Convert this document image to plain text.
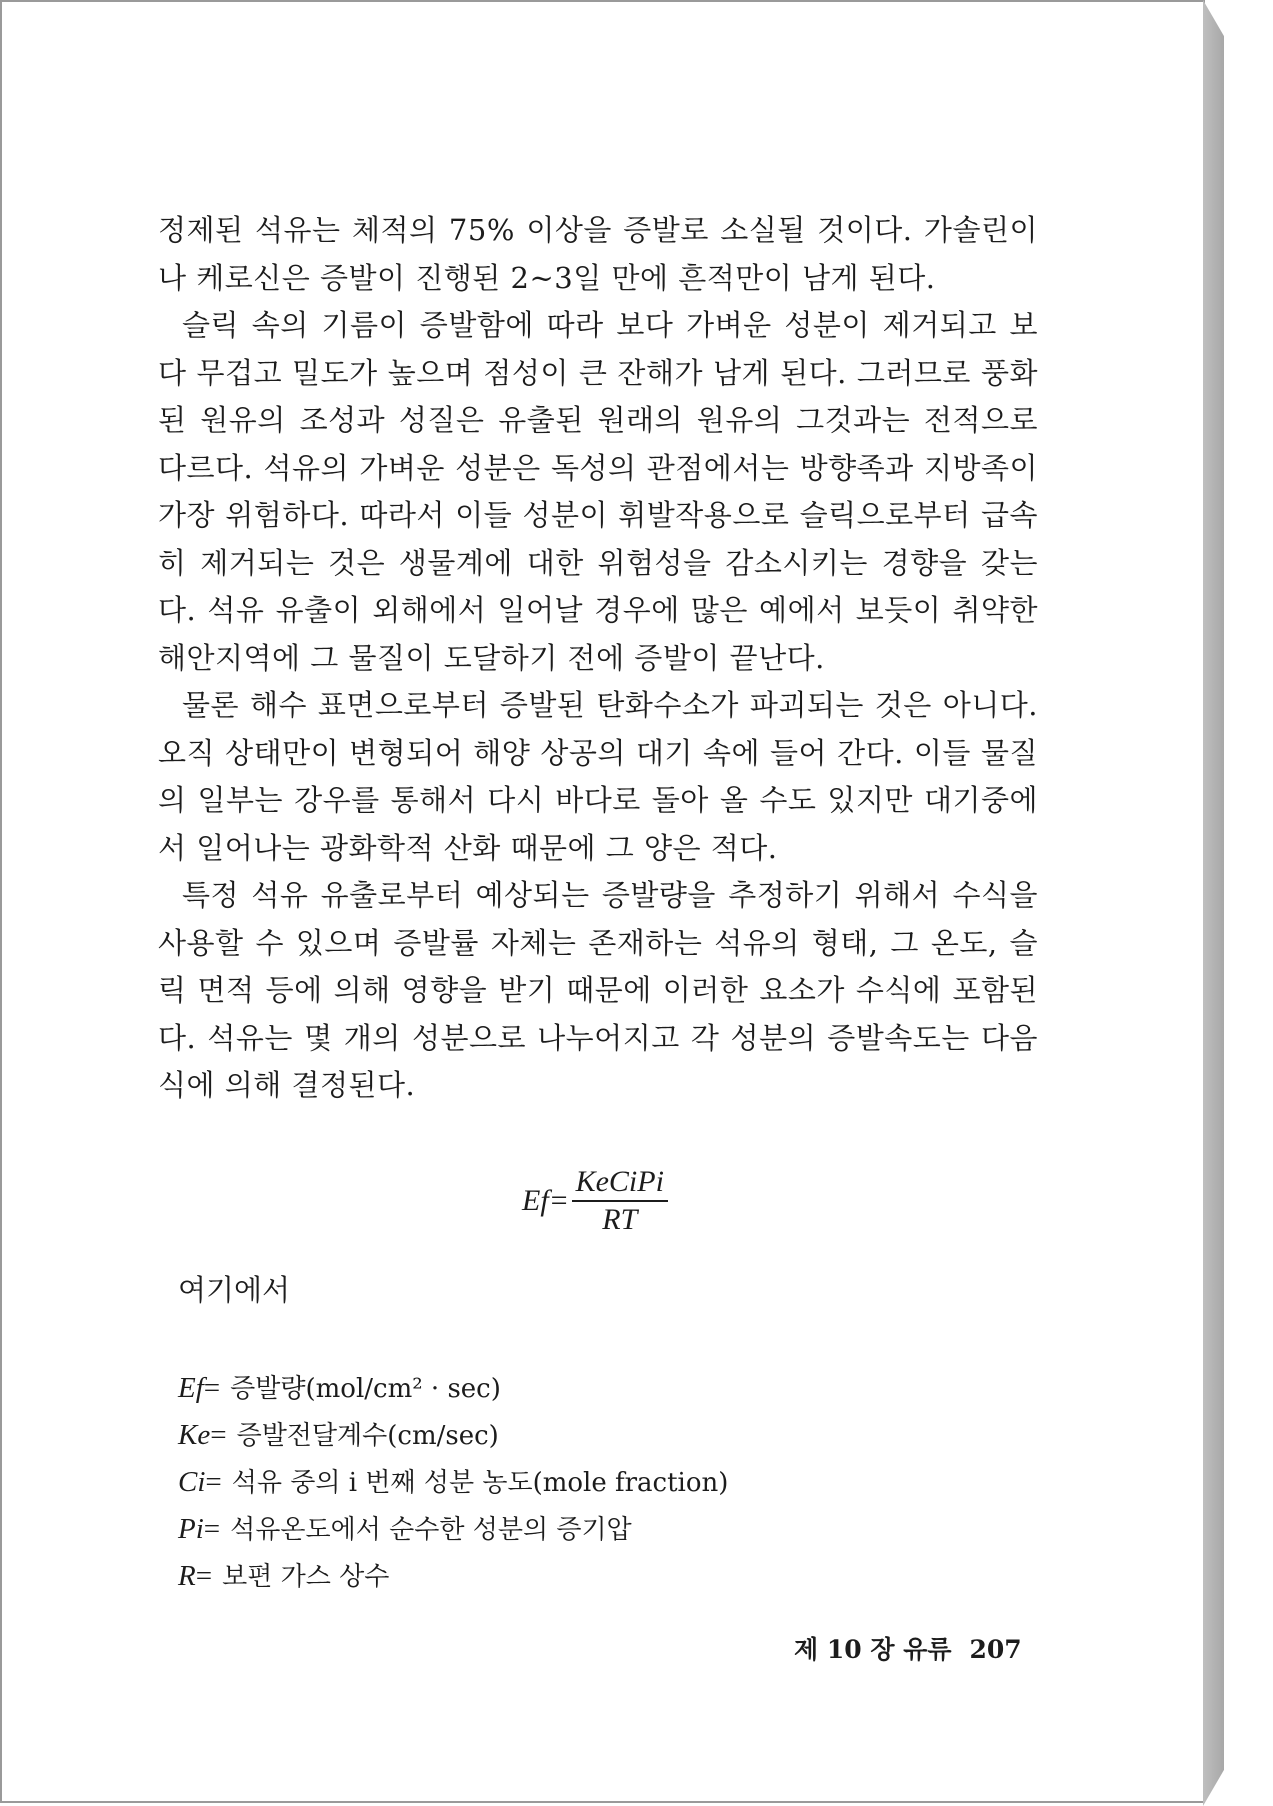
정제된 석유는 체적의 75% 이상을 증발로 소실될 것이다. 가솔린이나 케로신은 증발이 진행된 2~3일 만에 흔적만이 남게 된다.

슬릭 속의 기름이 증발함에 따라 보다 가벼운 성분이 제거되고 보다 무겁고 밀도가 높으며 점성이 큰 잔해가 남게 된다. 그러므로 풍화된 원유의 조성과 성질은 유출된 원래의 원유의 그것과는 전적으로 다르다. 석유의 가벼운 성분은 독성의 관점에서는 방향족과 지방족이 가장 위험하다. 따라서 이들 성분이 휘발작용으로 슬릭으로부터 급속히 제거되는 것은 생물계에 대한 위험성을 감소시키는 경향을 갖는다. 석유 유출이 외해에서 일어날 경우에 많은 예에서 보듯이 취약한 해안지역에 그 물질이 도달하기 전에 증발이 끝난다.

물론 해수 표면으로부터 증발된 탄화수소가 파괴되는 것은 아니다. 오직 상태만이 변형되어 해양 상공의 대기 속에 들어 간다. 이들 물질의 일부는 강우를 통해서 다시 바다로 돌아 올 수도 있지만 대기중에서 일어나는 광화학적 산화 때문에 그 양은 적다.

특정 석유 유출로부터 예상되는 증발량을 추정하기 위해서 수식을 사용할 수 있으며 증발률 자체는 존재하는 석유의 형태, 그 온도, 슬릭 면적 등에 의해 영향을 받기 때문에 이러한 요소가 수식에 포함된다. 석유는 몇 개의 성분으로 나누어지고 각 성분의 증발속도는 다음 식에 의해 결정된다.

$Ef = \frac{\text{KeCiPi}}{RT}$
여기에서
Ef= 증발량(mol/cm² · sec)
Ke= 증발전달계수(cm/sec)
Ci= 석유 중의 i 번째 성분 농도(mole fraction)
Pi= 석유온도에서 순수한 성분의 증기압
R= 보편 가스 상수
제 10 장 유류 207
